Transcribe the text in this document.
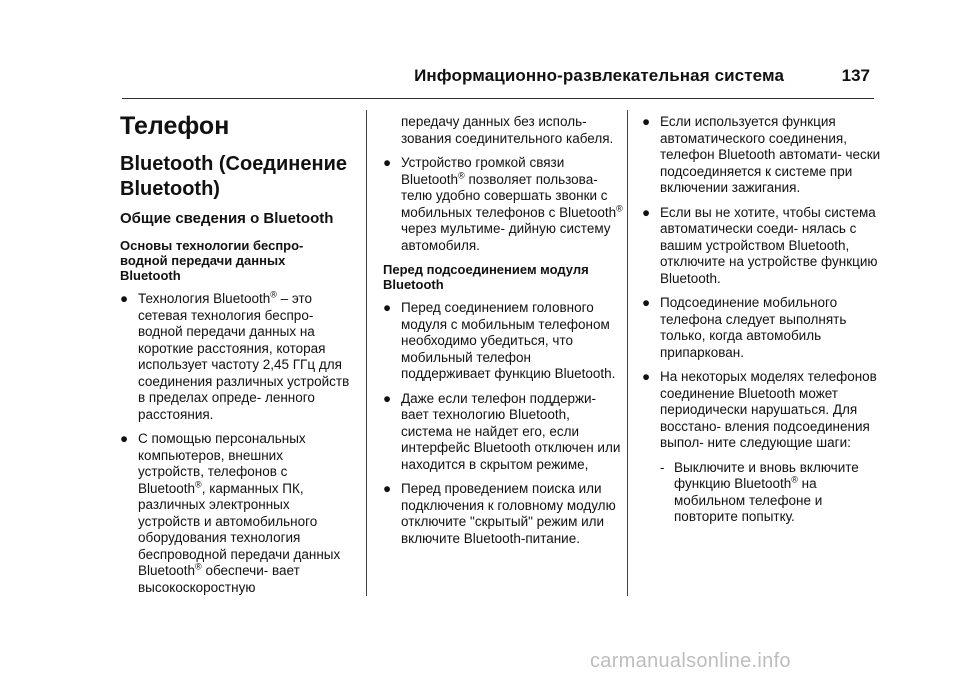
Информационно-развлекательная система	137
Телефон
Bluetooth (Соединение
Bluetooth)
Общие сведения о Bluetooth
Основы технологии беспро-
водной передачи данных
Bluetooth
● Технология Bluetooth® – это сетевая технология беспро- водной передачи данных на короткие расстояния, которая использует частоту 2,45 ГГц для соединения различных устройств в пределах опреде- ленного расстояния.
● С помощью персональных компьютеров, внешних устройств, телефонов с Bluetooth®, карманных ПК, различных электронных устройств и автомобильного оборудования технология беспроводной передачи данных Bluetooth® обеспечи- вает высокоскоростную
передачу данных без исполь- зования соединительного кабеля.
● Устройство громкой связи Bluetooth® позволяет пользова- телю удобно совершать звонки с мобильных телефонов с Bluetooth® через мультиме- дийную систему автомобиля.
Перед подсоединением модуля
Bluetooth
● Перед соединением головного модуля с мобильным телефоном необходимо убедиться, что мобильный телефон поддерживает функцию Bluetooth.
● Даже если телефон поддержи- вает технологию Bluetooth, система не найдет его, если интерфейс Bluetooth отключен или находится в скрытом режиме,
● Перед проведением поиска или подключения к головному модулю отключите "скрытый" режим или включите Bluetooth-питание.
● Если используется функция автоматического соединения, телефон Bluetooth автомати- чески подсоединяется к системе при включении зажигания.
● Если вы не хотите, чтобы система автоматически соеди- нялась с вашим устройством Bluetooth, отключите на устройстве функцию Bluetooth.
● Подсоединение мобильного телефона следует выполнять только, когда автомобиль припаркован.
● На некоторых моделях телефонов соединение Bluetooth может периодически нарушаться. Для восстано- вления подсоединения выпол- ните следующие шаги:
- Выключите и вновь включите функцию Bluetooth® на мобильном телефоне и повторите попытку.
carmanualsonline.info
